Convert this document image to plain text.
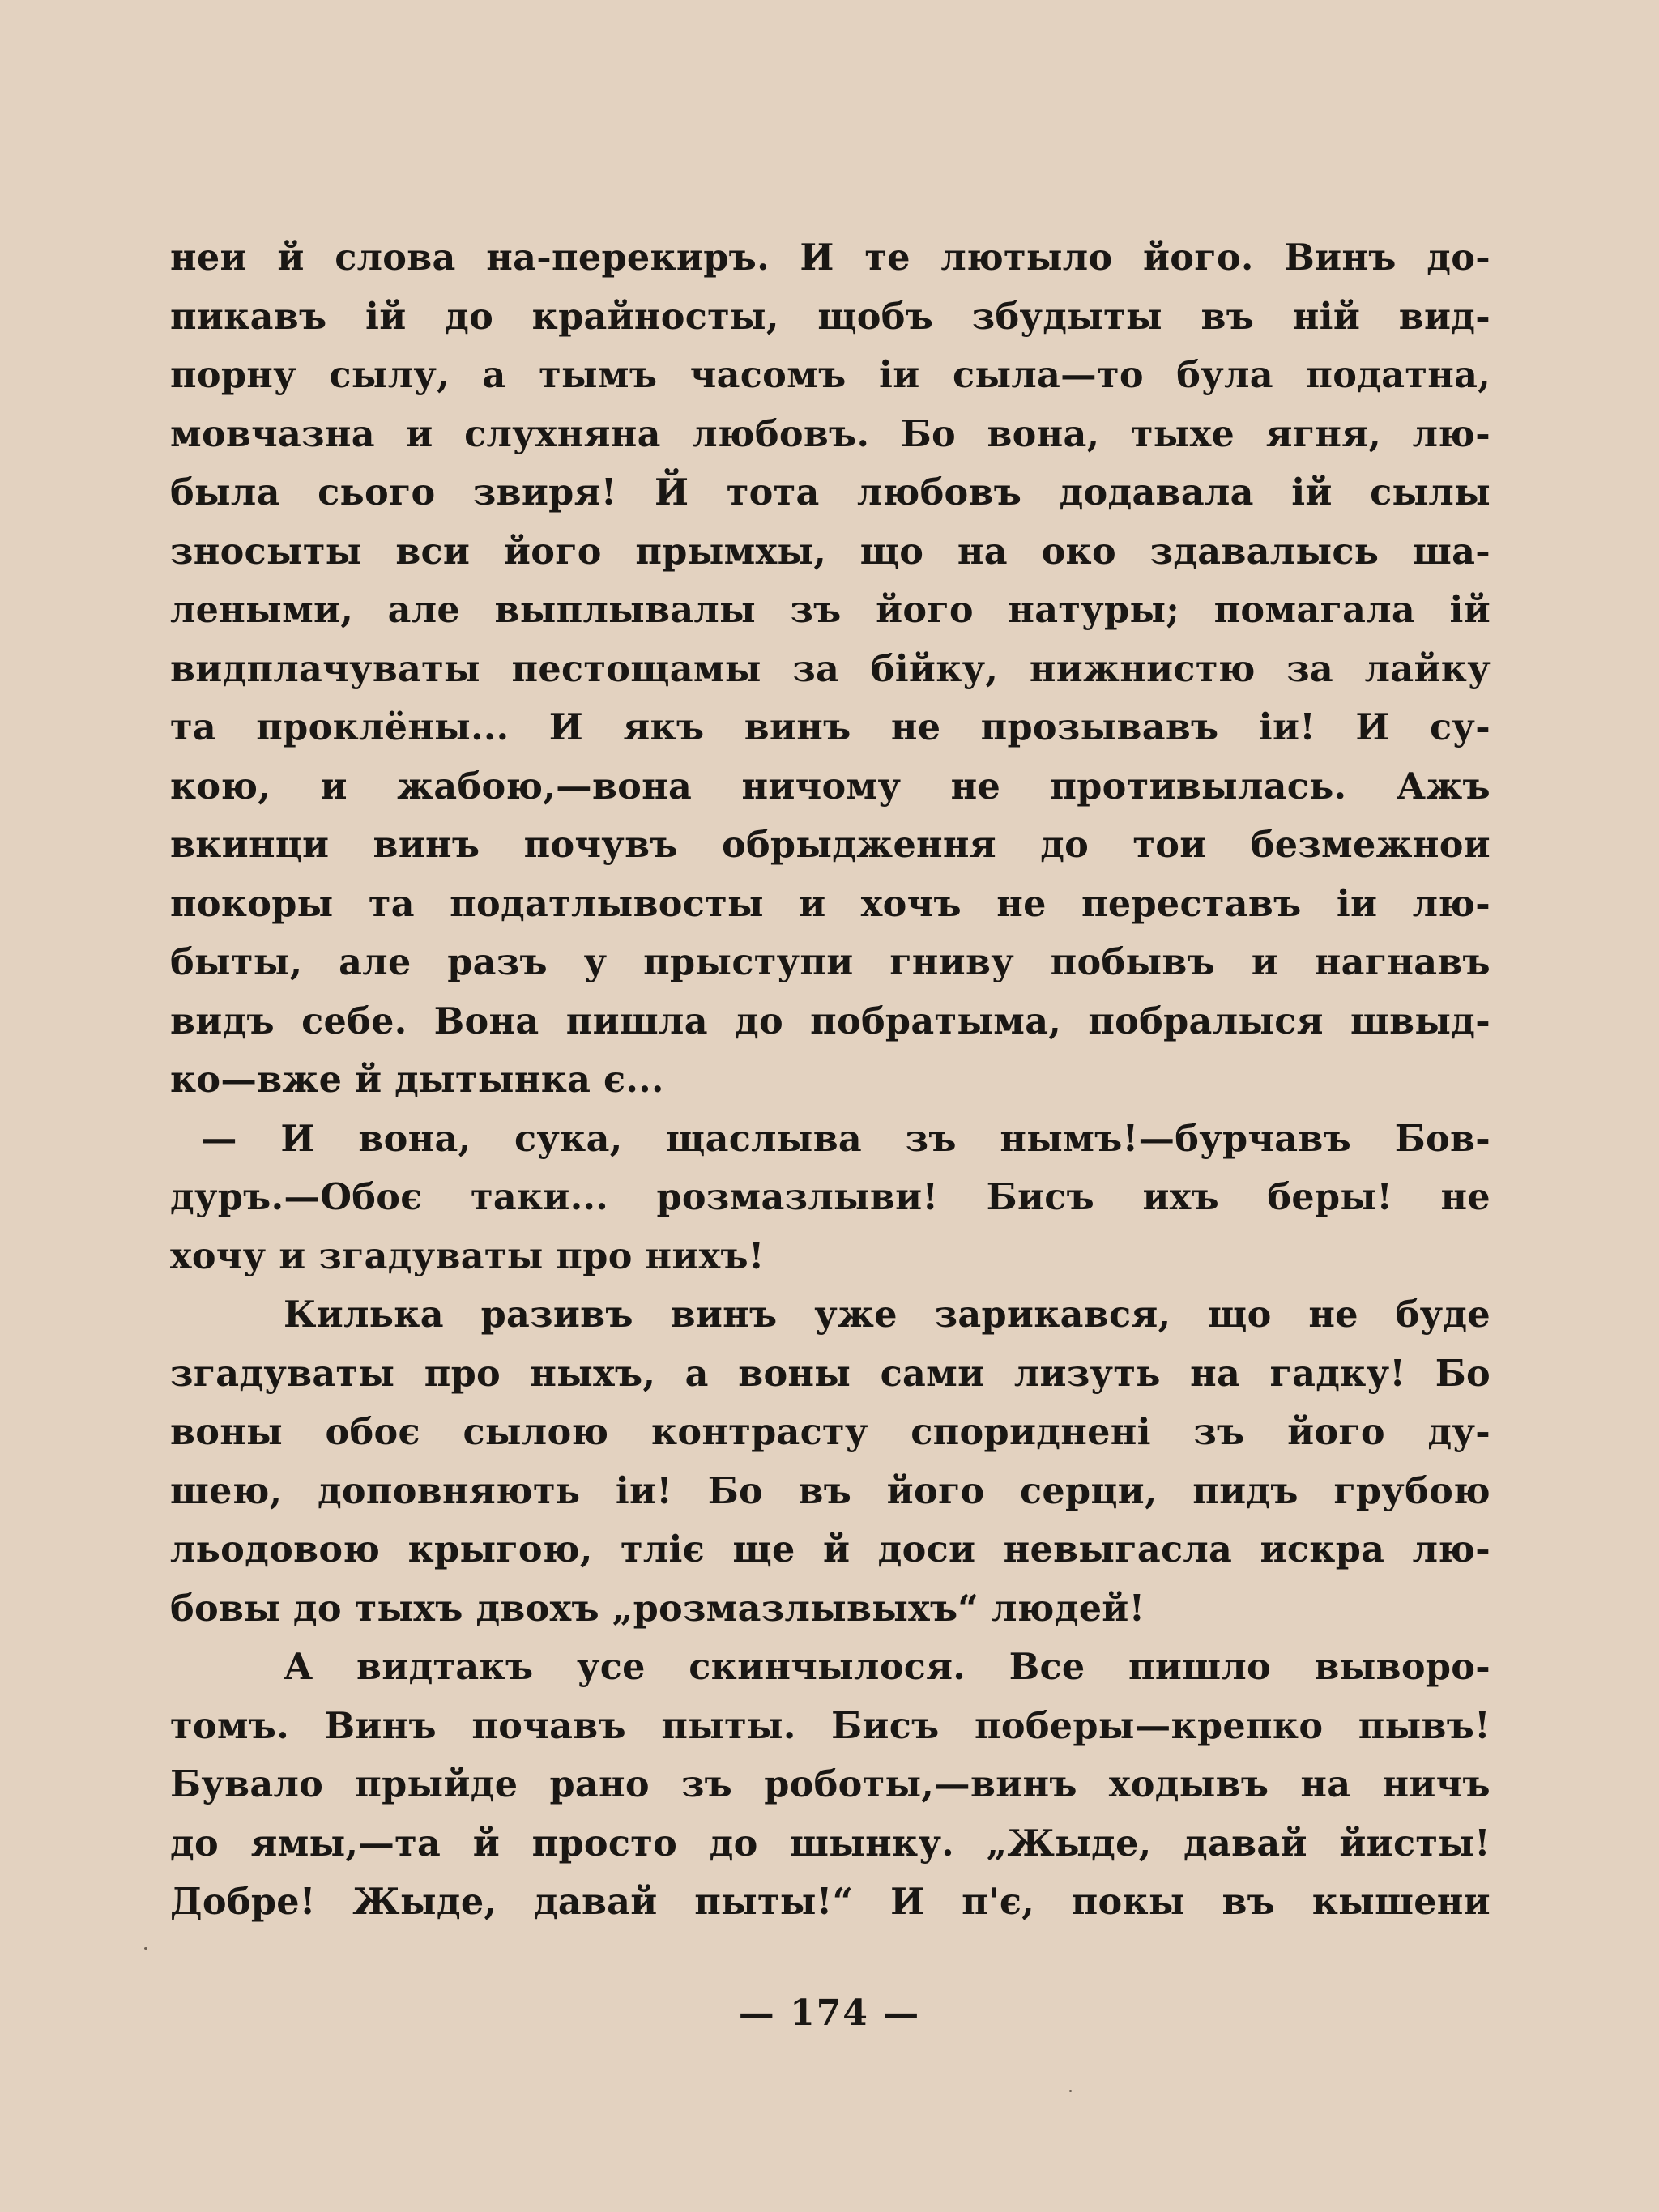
неи й слова на-перекиръ. И те лютыло його. Винъ до-
пикавъ ій до крайносты, щобъ збудыты въ ній вид-
порну сылу, а тымъ часомъ іи сыла—то була податна,
мовчазна и слухняна любовъ. Бо вона, тыхе ягня, лю-
была сього звиря! Й тота любовъ додавала ій сылы
зносыты вси його прымхы, що на око здавалысь ша-
леными, але выплывалы зъ його натуры; помагала ій
видплачуваты пестощамы за бійку, нижнистю за лайку
та проклёны... И якъ винъ не прозывавъ іи! И су-
кою, и жабою,—вона ничому не противылась. Ажъ
вкинци винъ почувъ обрыдження до тои безмежнои
покоры та податлывосты и хочъ не переставъ іи лю-
быты, але разъ у прыступи гниву побывъ и нагнавъ
видъ себе. Вона пишла до побратыма, побралыся швыд-
ко—вже й дытынка є...
— И вона, сука, щаслыва зъ нымъ!—бурчавъ Бов-
дуръ.—Обоє таки... розмазлыви! Бисъ ихъ беры! не
хочу и згадуваты про нихъ!
Килька разивъ винъ уже зарикався, що не буде
згадуваты про ныхъ, а воны сами лизуть на гадку! Бо
воны обоє сылою контрасту споридненi зъ його ду-
шею, доповняють іи! Бо въ його серци, пидъ грубою
льодовою крыгою, тліє ще й доси невыгасла искра лю-
бовы до тыхъ двохъ „розмазлывыхъ“ людей!
А видтакъ усе скинчылося. Все пишло выворо-
томъ. Винъ почавъ пыты. Бисъ поберы—крепко пывъ!
Бувало прыйде рано зъ роботы,—винъ ходывъ на ничъ
до ямы,—та й просто до шынку. „Жыде, давай йисты!
Добре! Жыде, давай пыты!“ И п'є, покы въ кышени
— 174 —
